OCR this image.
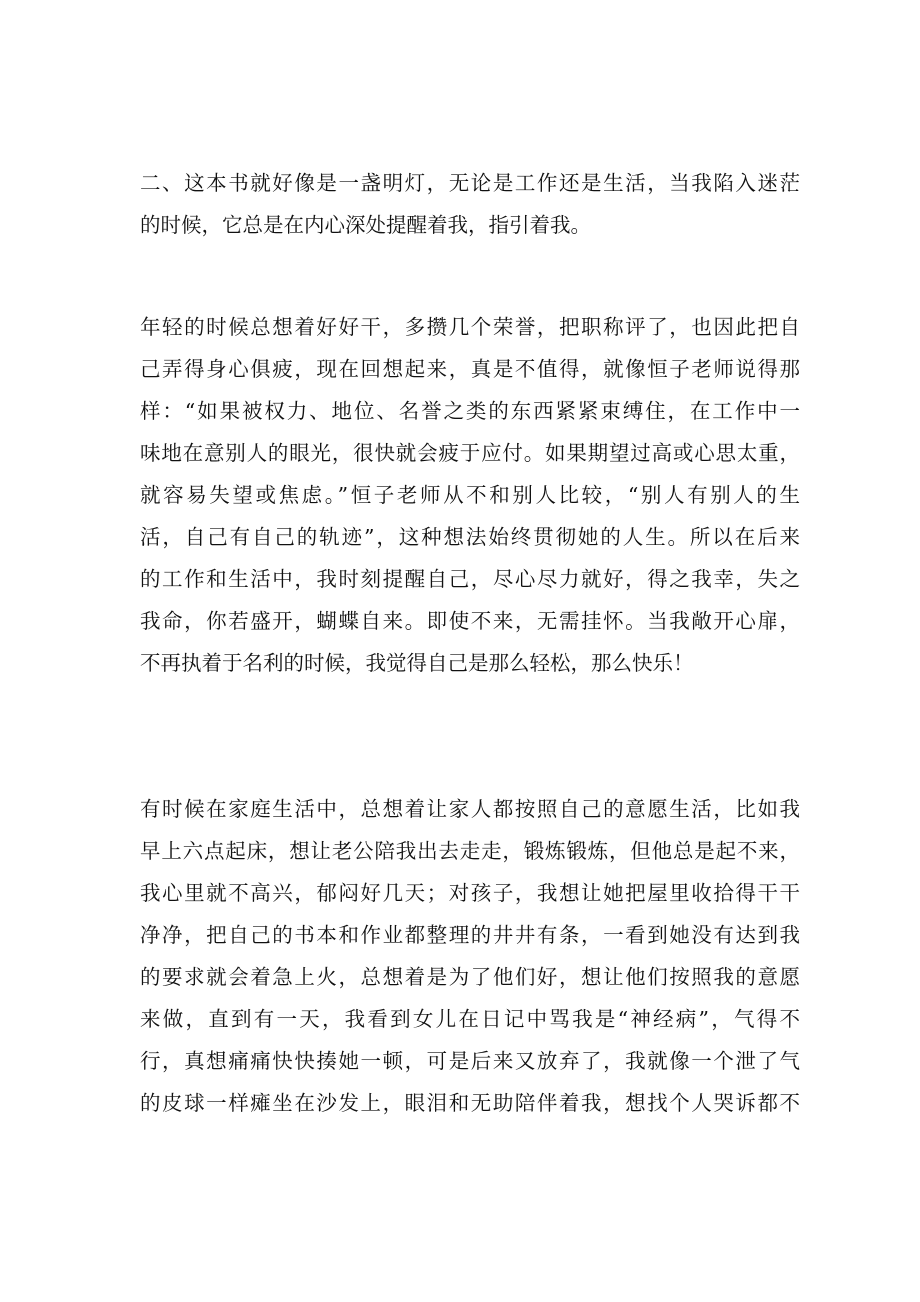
二、这本书就好像是一盏明灯，无论是工作还是生活，当我陷入迷茫
的时候，它总是在内心深处提醒着我，指引着我。
年轻的时候总想着好好干，多攒几个荣誉，把职称评了，也因此把自
己弄得身心俱疲，现在回想起来，真是不值得，就像恒子老师说得那
样：“如果被权力、地位、名誉之类的东西紧紧束缚住，在工作中一
味地在意别人的眼光，很快就会疲于应付。如果期望过高或心思太重，
就容易失望或焦虑。”恒子老师从不和别人比较，“别人有别人的生
活，自己有自己的轨迹”，这种想法始终贯彻她的人生。所以在后来
的工作和生活中，我时刻提醒自己，尽心尽力就好，得之我幸，失之
我命，你若盛开，蝴蝶自来。即使不来，无需挂怀。当我敞开心扉，
不再执着于名利的时候，我觉得自己是那么轻松，那么快乐！
有时候在家庭生活中，总想着让家人都按照自己的意愿生活，比如我
早上六点起床，想让老公陪我出去走走，锻炼锻炼，但他总是起不来，
我心里就不高兴，郁闷好几天；对孩子，我想让她把屋里收拾得干干
净净，把自己的书本和作业都整理的井井有条，一看到她没有达到我
的要求就会着急上火，总想着是为了他们好，想让他们按照我的意愿
来做，直到有一天，我看到女儿在日记中骂我是“神经病”，气得不
行，真想痛痛快快揍她一顿，可是后来又放弃了，我就像一个泄了气
的皮球一样瘫坐在沙发上，眼泪和无助陪伴着我，想找个人哭诉都不
